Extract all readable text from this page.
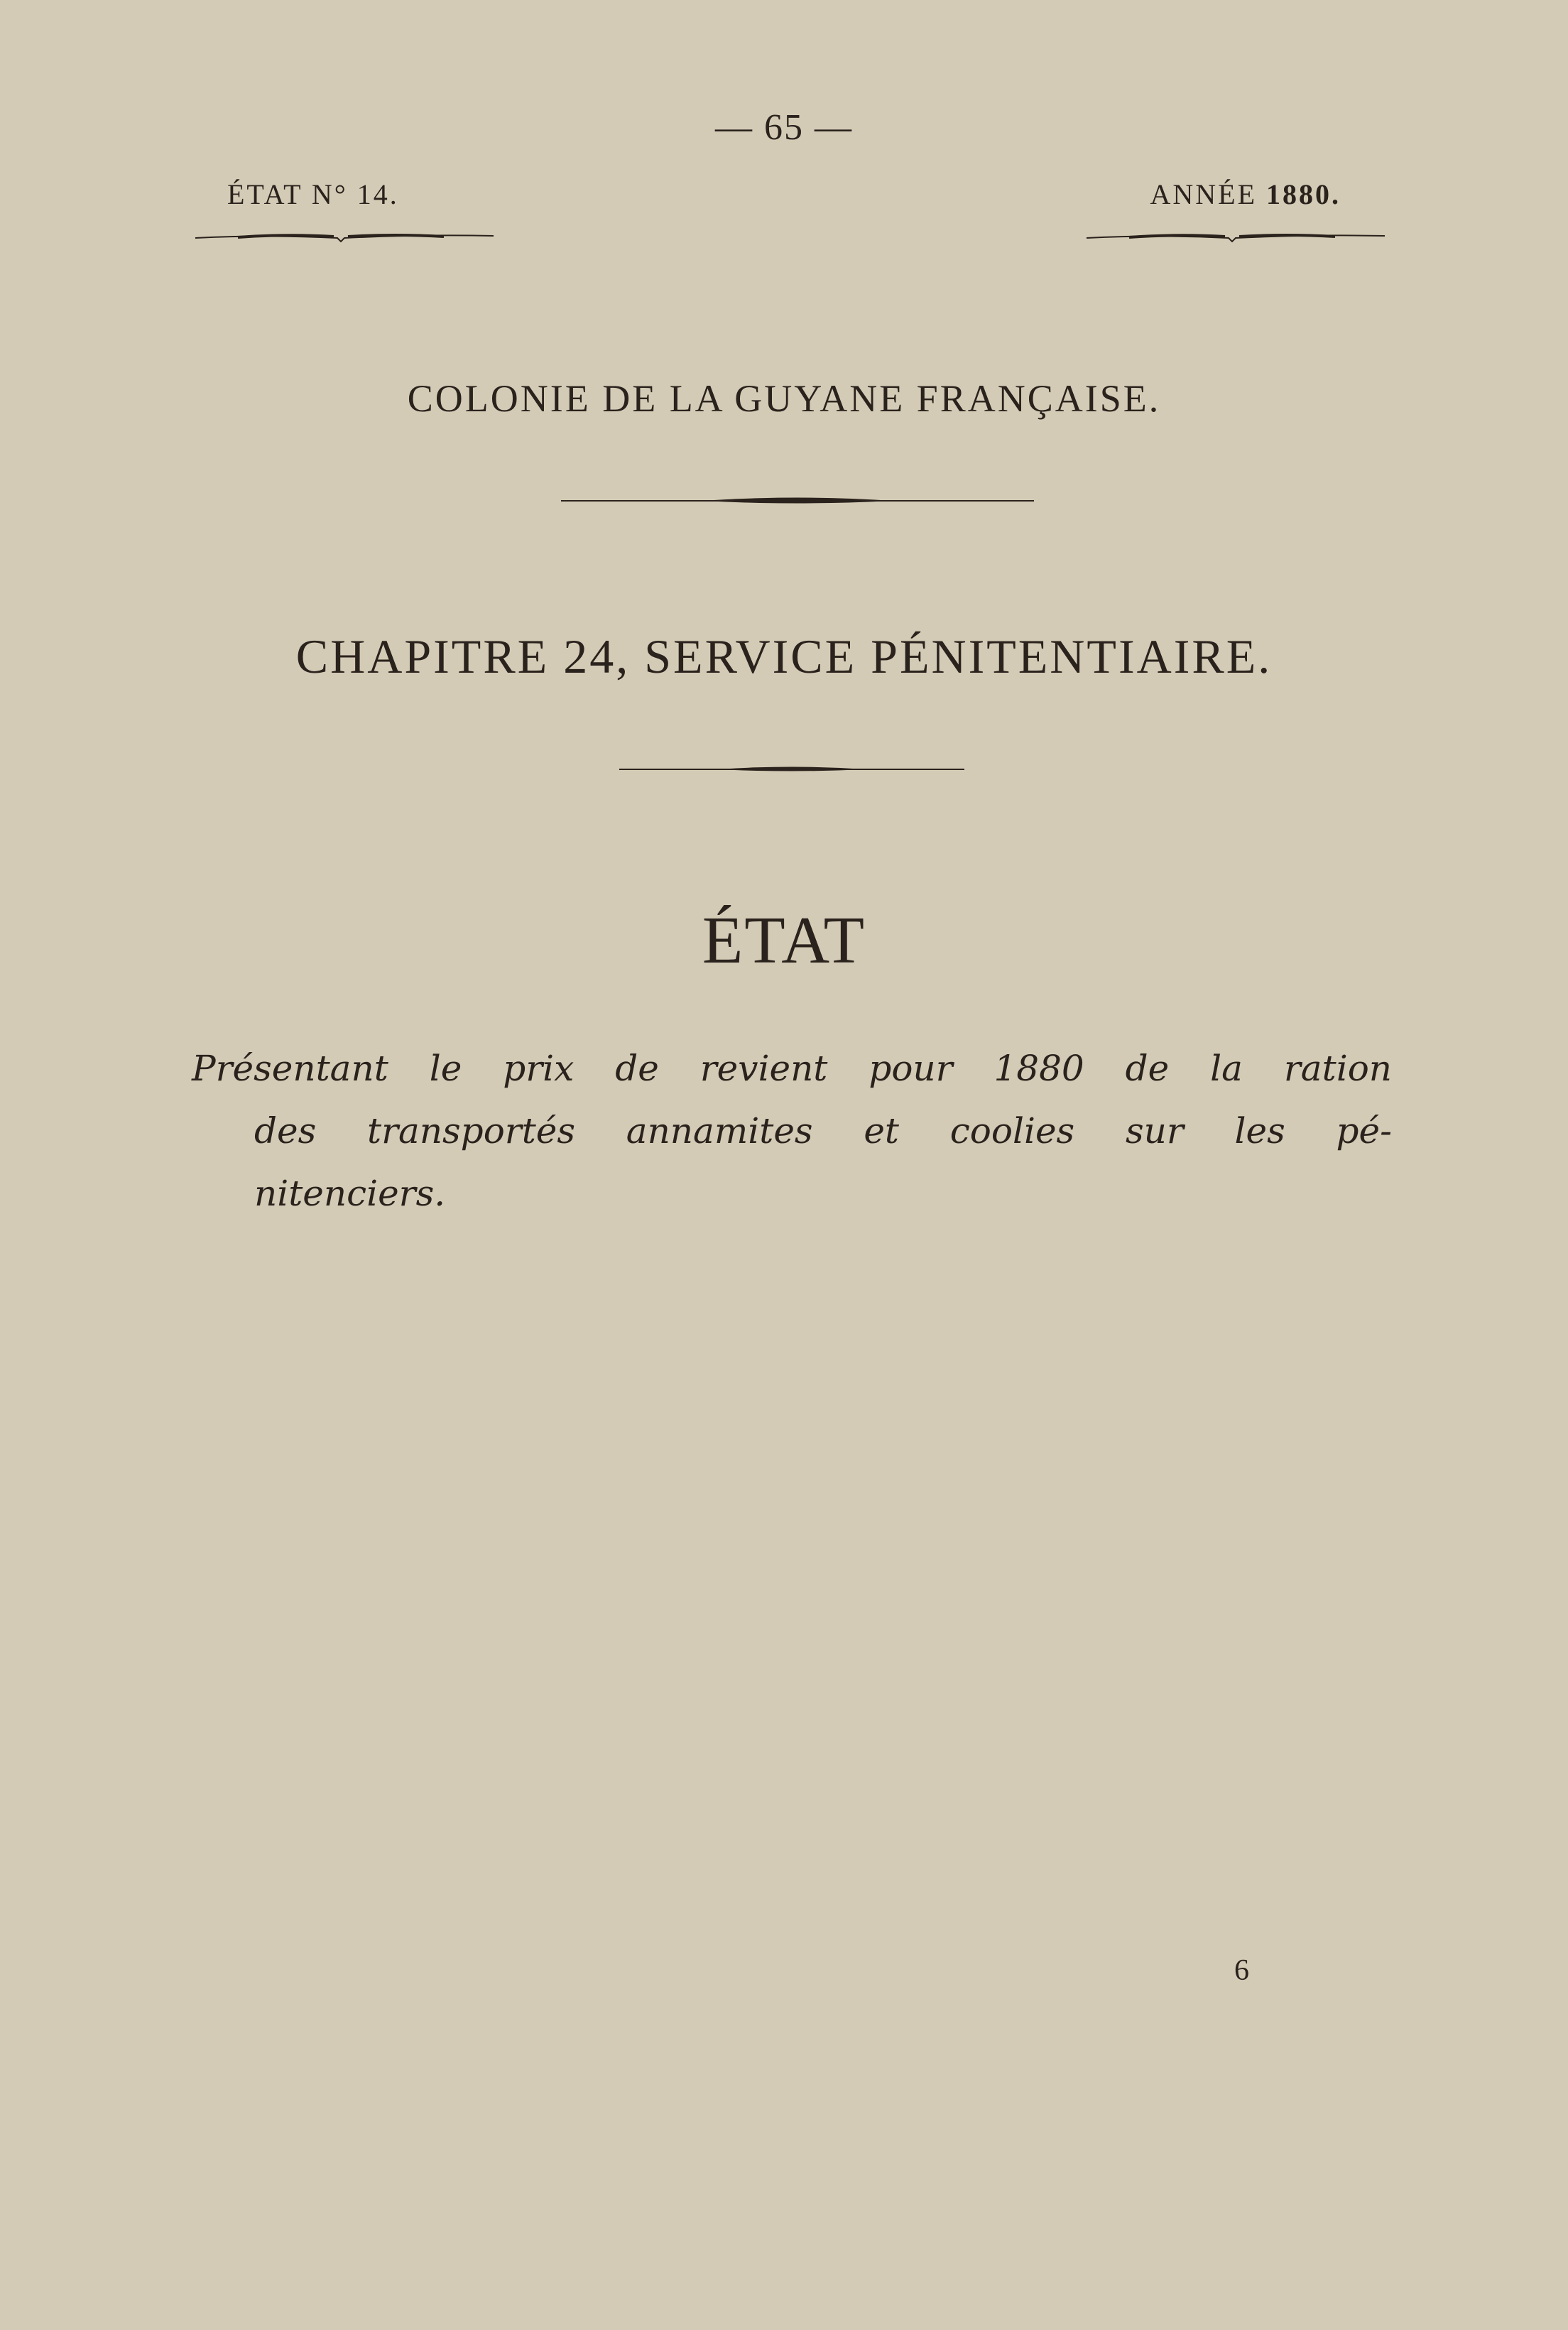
— 65 —
ÉTAT N° 14.	ANNÉE 1880.
COLONIE DE LA GUYANE FRANÇAISE.
CHAPITRE 24, SERVICE PÉNITENTIAIRE.
ÉTAT
Présentant le prix de revient pour 1880 de la ration
des transportés annamites et coolies sur les pé-
nitenciers.
6
